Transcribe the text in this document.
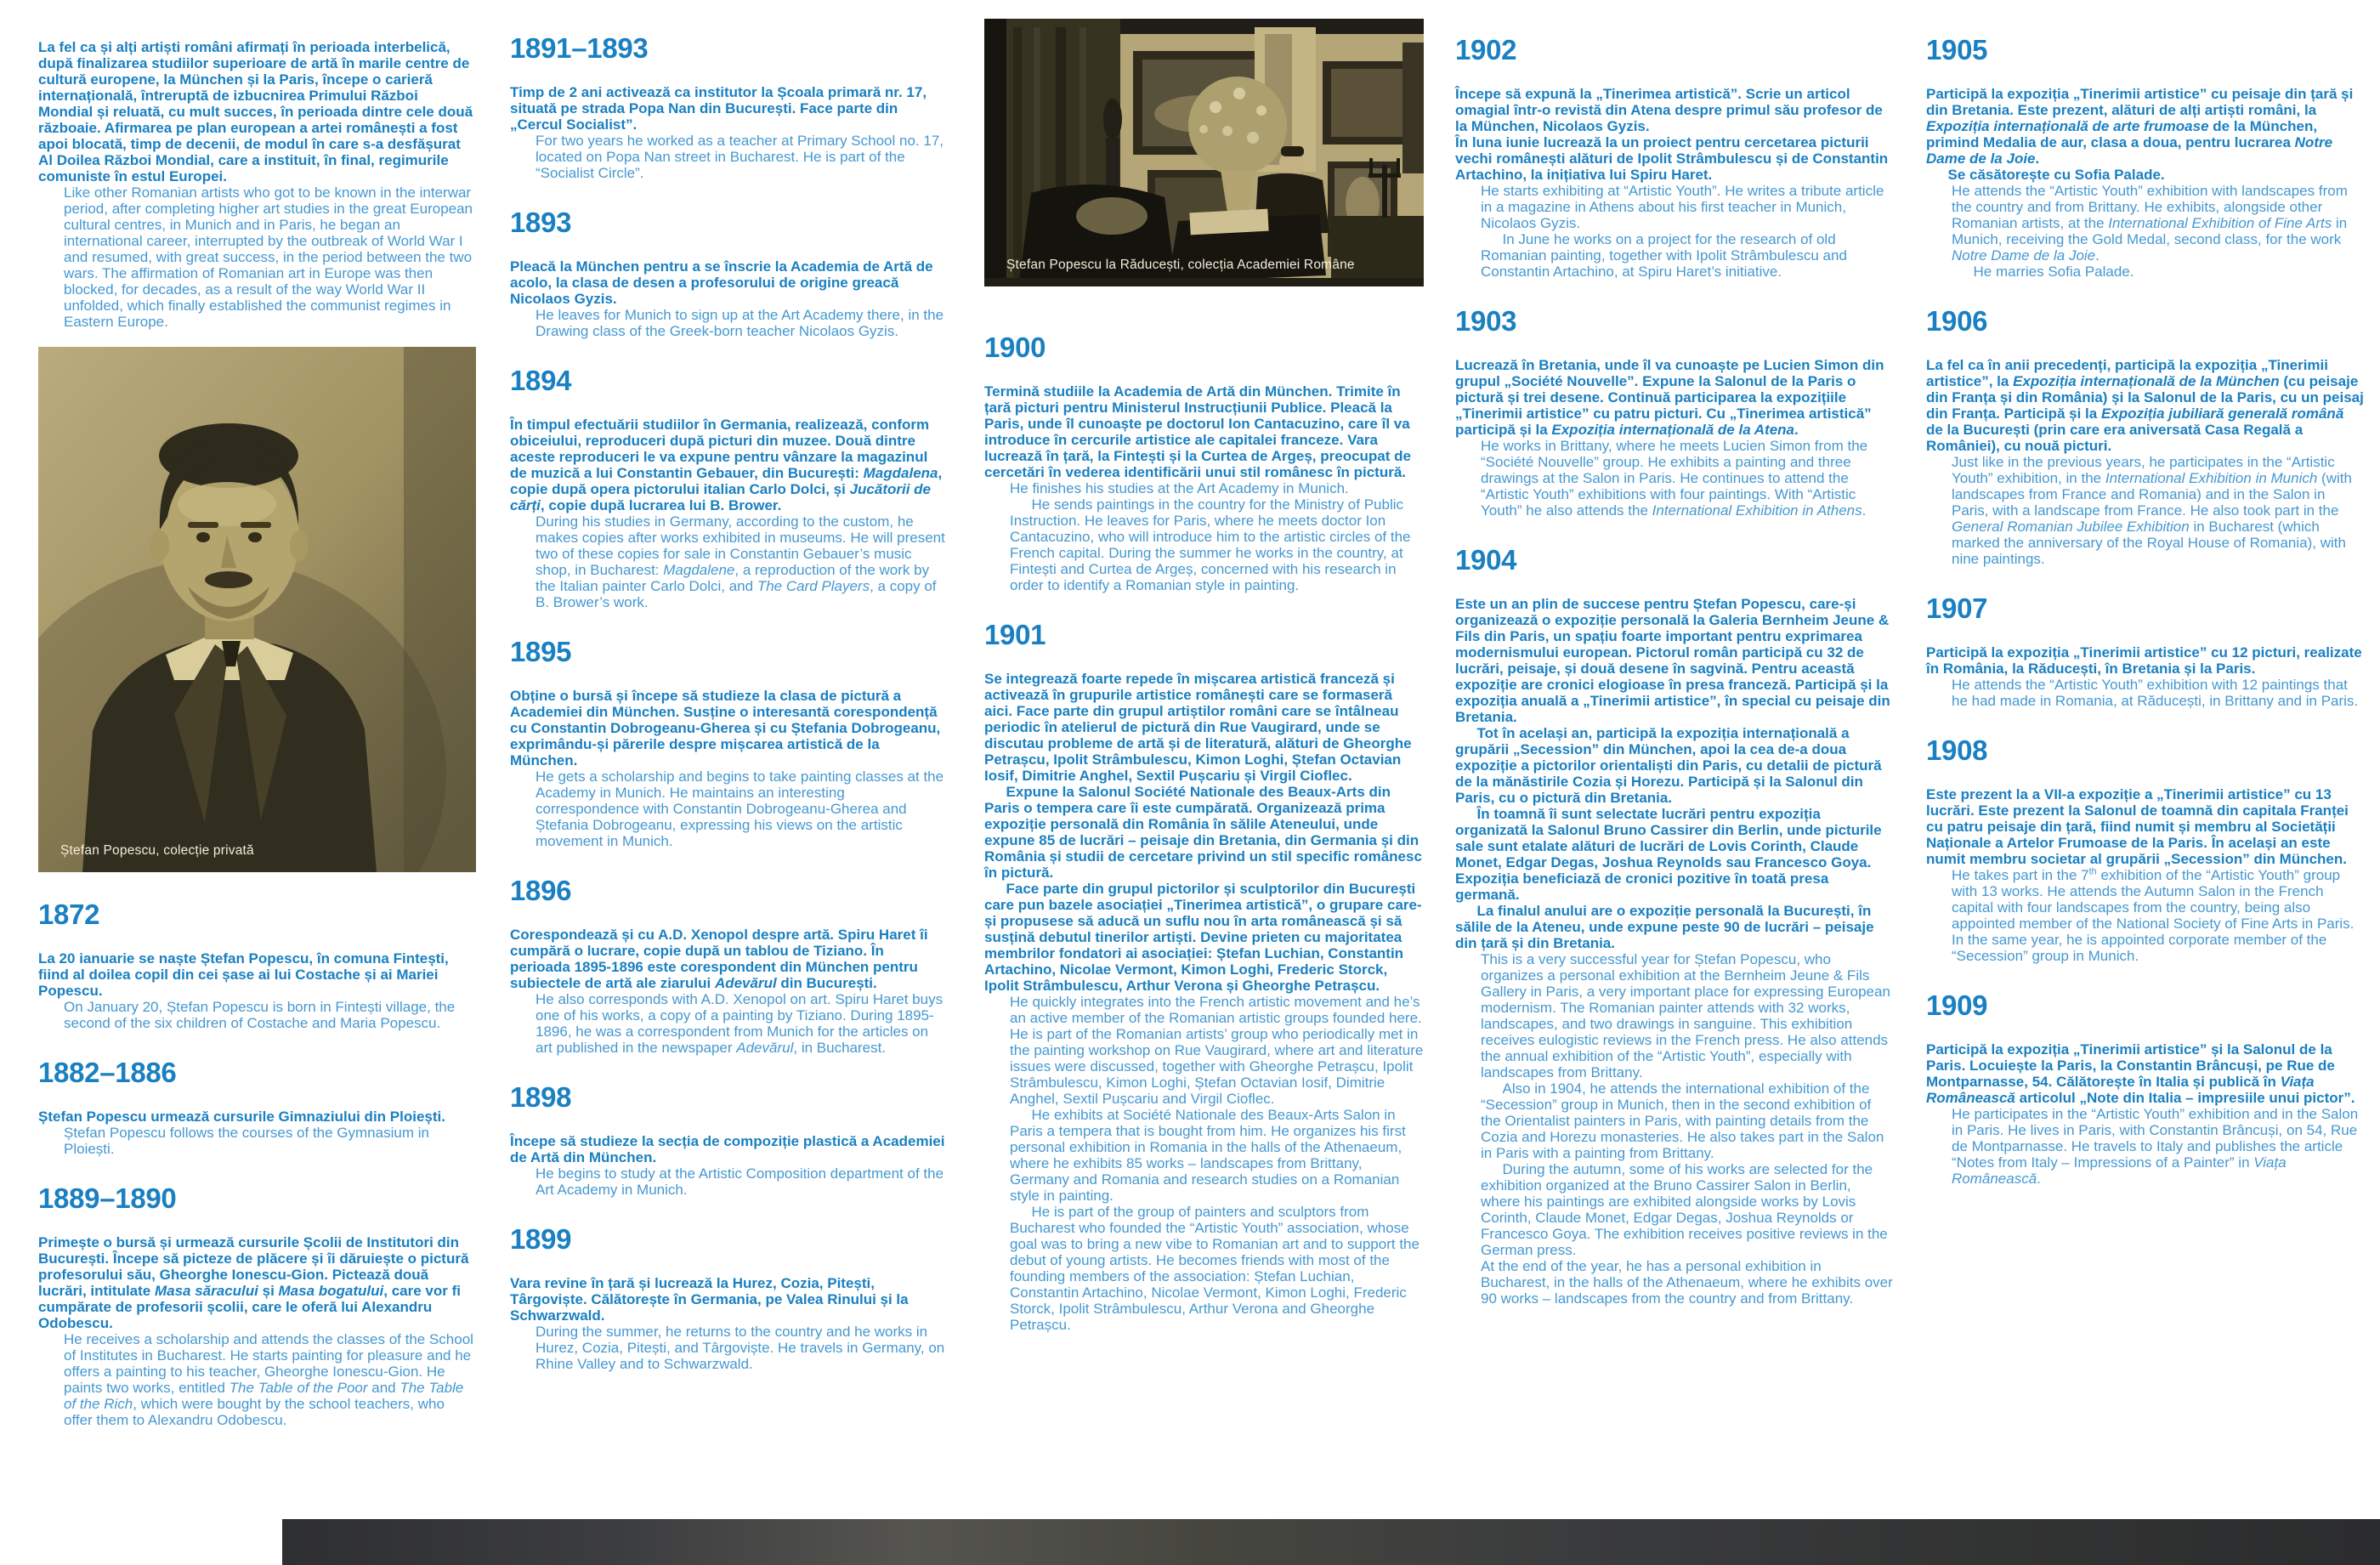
La fel ca și alți artiști români afirmați în perioada interbelică, după finalizarea studiilor superioare de artă în marile centre de cultură europene, la München și la Paris, începe o carieră internațională, întreruptă de izbucnirea Primului Război Mondial și reluată, cu mult succes, în perioada dintre cele două războaie. Afirmarea pe plan european a artei românești a fost apoi blocată, timp de decenii, de modul în care s-a desfășurat Al Doilea Război Mondial, care a instituit, în final, regimurile comuniste în estul Europei.

Like other Romanian artists who got to be known in the interwar period, after completing higher art studies in the great European cultural centres, in Munich and in Paris, he began an international career, interrupted by the outbreak of World War I and resumed, with great success, in the period between the two wars. The affirmation of Romanian art in Europe was then blocked, for decades, as a result of the way World War II unfolded, which finally established the communist regimes in Eastern Europe.

Ștefan Popescu, colecție privată
1872

La 20 ianuarie se naște Ștefan Popescu, în comuna Fintești, fiind al doilea copil din cei șase ai lui Costache și ai Mariei Popescu.

On January 20, Ștefan Popescu is born in Fintești village, the second of the six children of Costache and Maria Popescu.

1882–1886

Ștefan Popescu urmează cursurile Gimnaziului din Ploiești.

Ștefan Popescu follows the courses of the Gymnasium in Ploiești.

1889–1890

Primește o bursă și urmează cursurile Școlii de Institutori din București. Începe să picteze de plăcere și îi dăruiește o pictură profesorului său, Gheorghe Ionescu-Gion. Pictează două lucrări, intitulate Masa săracului și Masa bogatului, care vor fi cumpărate de profesorii școlii, care le oferă lui Alexandru Odobescu.

He receives a scholarship and attends the classes of the School of Institutes in Bucharest. He starts painting for pleasure and he offers a painting to his teacher, Gheorghe Ionescu-Gion. He paints two works, entitled The Table of the Poor and The Table of the Rich, which were bought by the school teachers, who offer them to Alexandru Odobescu.

1891–1893

Timp de 2 ani activează ca institutor la Școala primară nr. 17, situată pe strada Popa Nan din București. Face parte din „Cercul Socialist”.

For two years he worked as a teacher at Primary School no. 17, located on Popa Nan street in Bucharest. He is part of the “Socialist Circle”.

1893

Pleacă la München pentru a se înscrie la Academia de Artă de acolo, la clasa de desen a profesorului de origine greacă Nicolaos Gyzis.

He leaves for Munich to sign up at the Art Academy there, in the Drawing class of the Greek-born teacher Nicolaos Gyzis.

1894

În timpul efectuării studiilor în Germania, realizează, conform obiceiului, reproduceri după picturi din muzee. Două dintre aceste reproduceri le va expune pentru vânzare la magazinul de muzică a lui Constantin Gebauer, din București: Magdalena, copie după opera pictorului italian Carlo Dolci, și Jucătorii de cărți, copie după lucrarea lui B. Brower.

During his studies in Germany, according to the custom, he makes copies after works exhibited in museums. He will present two of these copies for sale in Constantin Gebauer’s music shop, in Bucharest: Magdalene, a reproduction of the work by the Italian painter Carlo Dolci, and The Card Players, a copy of B. Brower’s work.

1895

Obține o bursă și începe să studieze la clasa de pictură a Academiei din München. Susține o interesantă corespondență cu Constantin Dobrogeanu-Gherea și cu Ștefania Dobrogeanu, exprimându-și părerile despre mișcarea artistică de la München.

He gets a scholarship and begins to take painting classes at the Academy in Munich. He maintains an interesting correspondence with Constantin Dobrogeanu-Gherea and Ștefania Dobrogeanu, expressing his views on the artistic movement in Munich.

1896

Corespondează și cu A.D. Xenopol despre artă. Spiru Haret îi cumpără o lucrare, copie după un tablou de Tiziano. În perioada 1895-1896 este corespondent din München pentru subiectele de artă ale ziarului Adevărul din București.

He also corresponds with A.D. Xenopol on art. Spiru Haret buys one of his works, a copy of a painting by Tiziano. During 1895-1896, he was a correspondent from Munich for the articles on art published in the newspaper Adevărul, in Bucharest.

1898

Începe să studieze la secția de compoziție plastică a Academiei de Artă din München.

He begins to study at the Artistic Composition department of the Art Academy in Munich.

1899

Vara revine în țară și lucrează la Hurez, Cozia, Pitești, Târgoviște. Călătorește în Germania, pe Valea Rinului și la Schwarzwald.

During the summer, he returns to the country and he works in Hurez, Cozia, Pitești, and Târgoviște. He travels in Germany, on Rhine Valley and to Schwarzwald.

Ștefan Popescu la Răducești, colecția Academiei Române
1900

Termină studiile la Academia de Artă din München. Trimite în țară picturi pentru Ministerul Instrucțiunii Publice. Pleacă la Paris, unde îl cunoaște pe doctorul Ion Cantacuzino, care îl va introduce în cercurile artistice ale capitalei franceze. Vara lucrează în țară, la Fintești și la Curtea de Argeș, preocupat de cercetări în vederea identificării unui stil românesc în pictură.

He finishes his studies at the Art Academy in Munich.

  He sends paintings in the country for the Ministry of Public Instruction. He leaves for Paris, where he meets doctor Ion Cantacuzino, who will introduce him to the artistic circles of the French capital. During the summer he works in the country, at Fintești and Curtea de Argeș, concerned with his research in order to identify a Romanian style in painting.

1901

Se integrează foarte repede în mișcarea artistică franceză și activează în grupurile artistice românești care se formaseră aici. Face parte din grupul artiștilor români care se întâlneau periodic în atelierul de pictură din Rue Vaugirard, unde se discutau probleme de artă și de literatură, alături de Gheorghe Petrașcu, Ipolit Strâmbulescu, Kimon Loghi, Ștefan Octavian Iosif, Dimitrie Anghel, Sextil Pușcariu și Virgil Cioflec.

  Expune la Salonul Société Nationale des Beaux-Arts din Paris o tempera care îi este cumpărată. Organizează prima expoziție personală din România în sălile Ateneului, unde expune 85 de lucrări – peisaje din Bretania, din Germania și din România și studii de cercetare privind un stil specific românesc în pictură.

  Face parte din grupul pictorilor și sculptorilor din București care pun bazele asociației „Tinerimea artistică”, o grupare care-și propusese să aducă un suflu nou în arta românească și să susțină debutul tinerilor artiști. Devine prieten cu majoritatea membrilor fondatori ai asociației: Ștefan Luchian, Constantin Artachino, Nicolae Vermont, Kimon Loghi, Frederic Storck, Ipolit Strâmbulescu, Arthur Verona și Gheorghe Petrașcu.

He quickly integrates into the French artistic movement and he’s an active member of the Romanian artistic groups founded here. He is part of the Romanian artists’ group who periodically met in the painting workshop on Rue Vaugirard, where art and literature issues were discussed, together with Gheorghe Petrașcu, Ipolit Strâmbulescu, Kimon Loghi, Ștefan Octavian Iosif, Dimitrie Anghel, Sextil Pușcariu and Virgil Cioflec.

  He exhibits at Société Nationale des Beaux-Arts Salon in Paris a tempera that is bought from him. He organizes his first personal exhibition in Romania in the halls of the Athenaeum, where he exhibits 85 works – landscapes from Brittany, Germany and Romania and research studies on a Romanian style in painting.

  He is part of the group of painters and sculptors from Bucharest who founded the “Artistic Youth” association, whose goal was to bring a new vibe to Romanian art and to support the debut of young artists. He becomes friends with most of the founding members of the association: Ștefan Luchian, Constantin Artachino, Nicolae Vermont, Kimon Loghi, Frederic Storck, Ipolit Strâmbulescu, Arthur Verona and Gheorghe Petrașcu.

1902

Începe să expună la „Tinerimea artistică”. Scrie un articol omagial într-o revistă din Atena despre primul său profesor de la München, Nicolaos Gyzis.

În luna iunie lucrează la un proiect pentru cercetarea picturii vechi românești alături de Ipolit Strâmbulescu și de Constantin Artachino, la inițiativa lui Spiru Haret.

He starts exhibiting at “Artistic Youth”. He writes a tribute article in a magazine in Athens about his first teacher in Munich, Nicolaos Gyzis.

  In June he works on a project for the research of old Romanian painting, together with Ipolit Strâmbulescu and Constantin Artachino, at Spiru Haret’s initiative.

1903

Lucrează în Bretania, unde îl va cunoaște pe Lucien Simon din grupul „Société Nouvelle”. Expune la Salonul de la Paris o pictură și trei desene. Continuă participarea la expozițiile „Tinerimii artistice” cu patru picturi. Cu „Tinerimea artistică” participă și la Expoziția internațională de la Atena.

He works in Brittany, where he meets Lucien Simon from the “Société Nouvelle” group. He exhibits a painting and three drawings at the Salon in Paris. He continues to attend the “Artistic Youth” exhibitions with four paintings. With “Artistic Youth” he also attends the International Exhibition in Athens.

1904

Este un an plin de succese pentru Ștefan Popescu, care-și organizează o expoziție personală la Galeria Bernheim Jeune & Fils din Paris, un spațiu foarte important pentru exprimarea modernismului european. Pictorul român participă cu 32 de lucrări, peisaje, și două desene în sagvină. Pentru această expoziție are cronici elogioase în presa franceză. Participă și la expoziția anuală a „Tinerimii artistice”, în special cu peisaje din Bretania.

  Tot în același an, participă la expoziția internațională a grupării „Secession” din München, apoi la cea de-a doua expoziție a pictorilor orientaliști din Paris, cu detalii de pictură de la mănăstirile Cozia și Horezu. Participă și la Salonul din Paris, cu o pictură din Bretania.

  În toamnă îi sunt selectate lucrări pentru expoziția organizată la Salonul Bruno Cassirer din Berlin, unde picturile sale sunt etalate alături de lucrări de Lovis Corinth, Claude Monet, Edgar Degas, Joshua Reynolds sau Francesco Goya. Expoziția beneficiază de cronici pozitive în toată presa germană.

  La finalul anului are o expoziție personală la București, în sălile de la Ateneu, unde expune peste 90 de lucrări – peisaje din țară și din Bretania.

This is a very successful year for Ștefan Popescu, who organizes a personal exhibition at the Bernheim Jeune & Fils Gallery in Paris, a very important place for expressing European modernism. The Romanian painter attends with 32 works, landscapes, and two drawings in sanguine. This exhibition receives eulogistic reviews in the French press. He also attends the annual exhibition of the “Artistic Youth”, especially with landscapes from Brittany.

  Also in 1904, he attends the international exhibition of the “Secession” group in Munich, then in the second exhibition of the Orientalist painters in Paris, with painting details from the Cozia and Horezu monasteries. He also takes part in the Salon in Paris with a painting from Brittany.

  During the autumn, some of his works are selected for the exhibition organized at the Bruno Cassirer Salon in Berlin, where his paintings are exhibited alongside works by Lovis Corinth, Claude Monet, Edgar Degas, Joshua Reynolds or Francesco Goya. The exhibition receives positive reviews in the German press.

At the end of the year, he has a personal exhibition in Bucharest, in the halls of the Athenaeum, where he exhibits over 90 works – landscapes from the country and from Brittany.

1905

Participă la expoziția „Tinerimii artistice” cu peisaje din țară și din Bretania. Este prezent, alături de alți artiști români, la Expoziția internațională de arte frumoase de la München, primind Medalia de aur, clasa a doua, pentru lucrarea Notre Dame de la Joie.

  Se căsătorește cu Sofia Palade.

He attends the “Artistic Youth” exhibition with landscapes from the country and from Brittany. He exhibits, alongside other Romanian artists, at the International Exhibition of Fine Arts in Munich, receiving the Gold Medal, second class, for the work Notre Dame de la Joie.

  He marries Sofia Palade.

1906

La fel ca în anii precedenți, participă la expoziția „Tinerimii artistice”, la Expoziția internațională de la München (cu peisaje din Franța și din România) și la Salonul de la Paris, cu un peisaj din Franța. Participă și la Expoziția jubiliară generală română de la București (prin care era aniversată Casa Regală a României), cu nouă picturi.

Just like in the previous years, he participates in the “Artistic Youth” exhibition, in the International Exhibition in Munich (with landscapes from France and Romania) and in the Salon in Paris, with a landscape from France. He also took part in the General Romanian Jubilee Exhibition in Bucharest (which marked the anniversary of the Royal House of Romania), with nine paintings.

1907

Participă la expoziția „Tinerimii artistice” cu 12 picturi, realizate în România, la Răducești, în Bretania și la Paris.

He attends the “Artistic Youth” exhibition with 12 paintings that he had made in Romania, at Răducești, in Brittany and in Paris.

1908

Este prezent la a VII-a expoziție a „Tinerimii artistice” cu 13 lucrări. Este prezent la Salonul de toamnă din capitala Franței cu patru peisaje din țară, fiind numit și membru al Societății Naționale a Artelor Frumoase de la Paris. În același an este numit membru societar al grupării „Secession” din München.

He takes part in the 7th exhibition of the “Artistic Youth” group with 13 works. He attends the Autumn Salon in the French capital with four landscapes from the country, being also appointed member of the National Society of Fine Arts in Paris. In the same year, he is appointed corporate member of the “Secession” group in Munich.

1909

Participă la expoziția „Tinerimii artistice” și la Salonul de la Paris. Locuiește la Paris, la Constantin Brâncuși, pe Rue de Montparnasse, 54. Călătorește în Italia și publică în Viața Românească articolul „Note din Italia – impresiile unui pictor”.

He participates in the “Artistic Youth” exhibition and in the Salon in Paris. He lives in Paris, with Constantin Brâncuși, on 54, Rue de Montparnasse. He travels to Italy and publishes the article “Notes from Italy – Impressions of a Painter” in Viața Românească.
